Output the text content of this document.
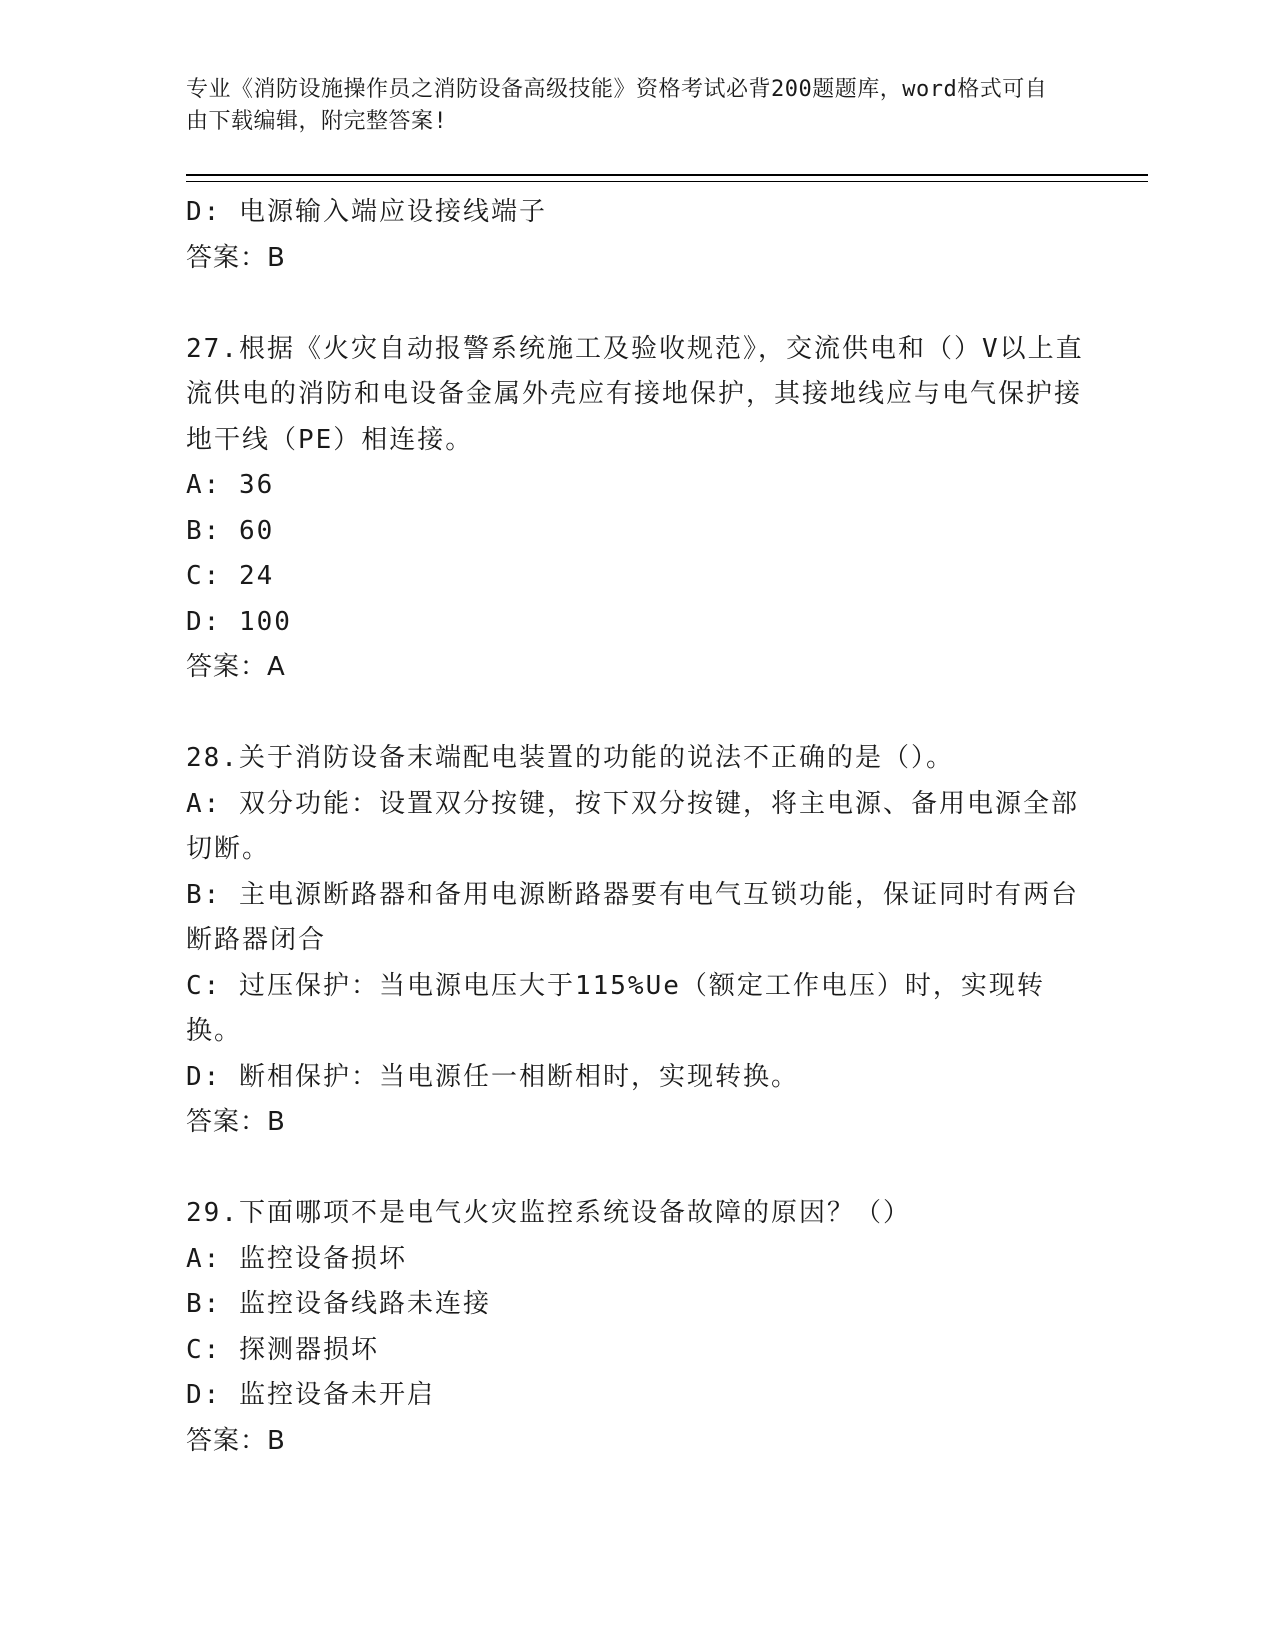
专业《消防设施操作员之消防设备高级技能》资格考试必背200题题库，word格式可自由下载编辑，附完整答案!
D: 电源输入端应设接线端子
答案：B
27.根据《火灾自动报警系统施工及验收规范》，交流供电和（）V以上直流供电的消防和电设备金属外壳应有接地保护，其接地线应与电气保护接地干线（PE）相连接。
A: 36
B: 60
C: 24
D: 100
答案：A
28.关于消防设备末端配电装置的功能的说法不正确的是（）。
A: 双分功能：设置双分按键，按下双分按键，将主电源、备用电源全部切断。
B: 主电源断路器和备用电源断路器要有电气互锁功能，保证同时有两台断路器闭合
C: 过压保护：当电源电压大于115%Ue（额定工作电压）时，实现转换。
D: 断相保护：当电源任一相断相时，实现转换。
答案：B
29.下面哪项不是电气火灾监控系统设备故障的原因？（）
A: 监控设备损坏
B: 监控设备线路未连接
C: 探测器损坏
D: 监控设备未开启
答案：B
